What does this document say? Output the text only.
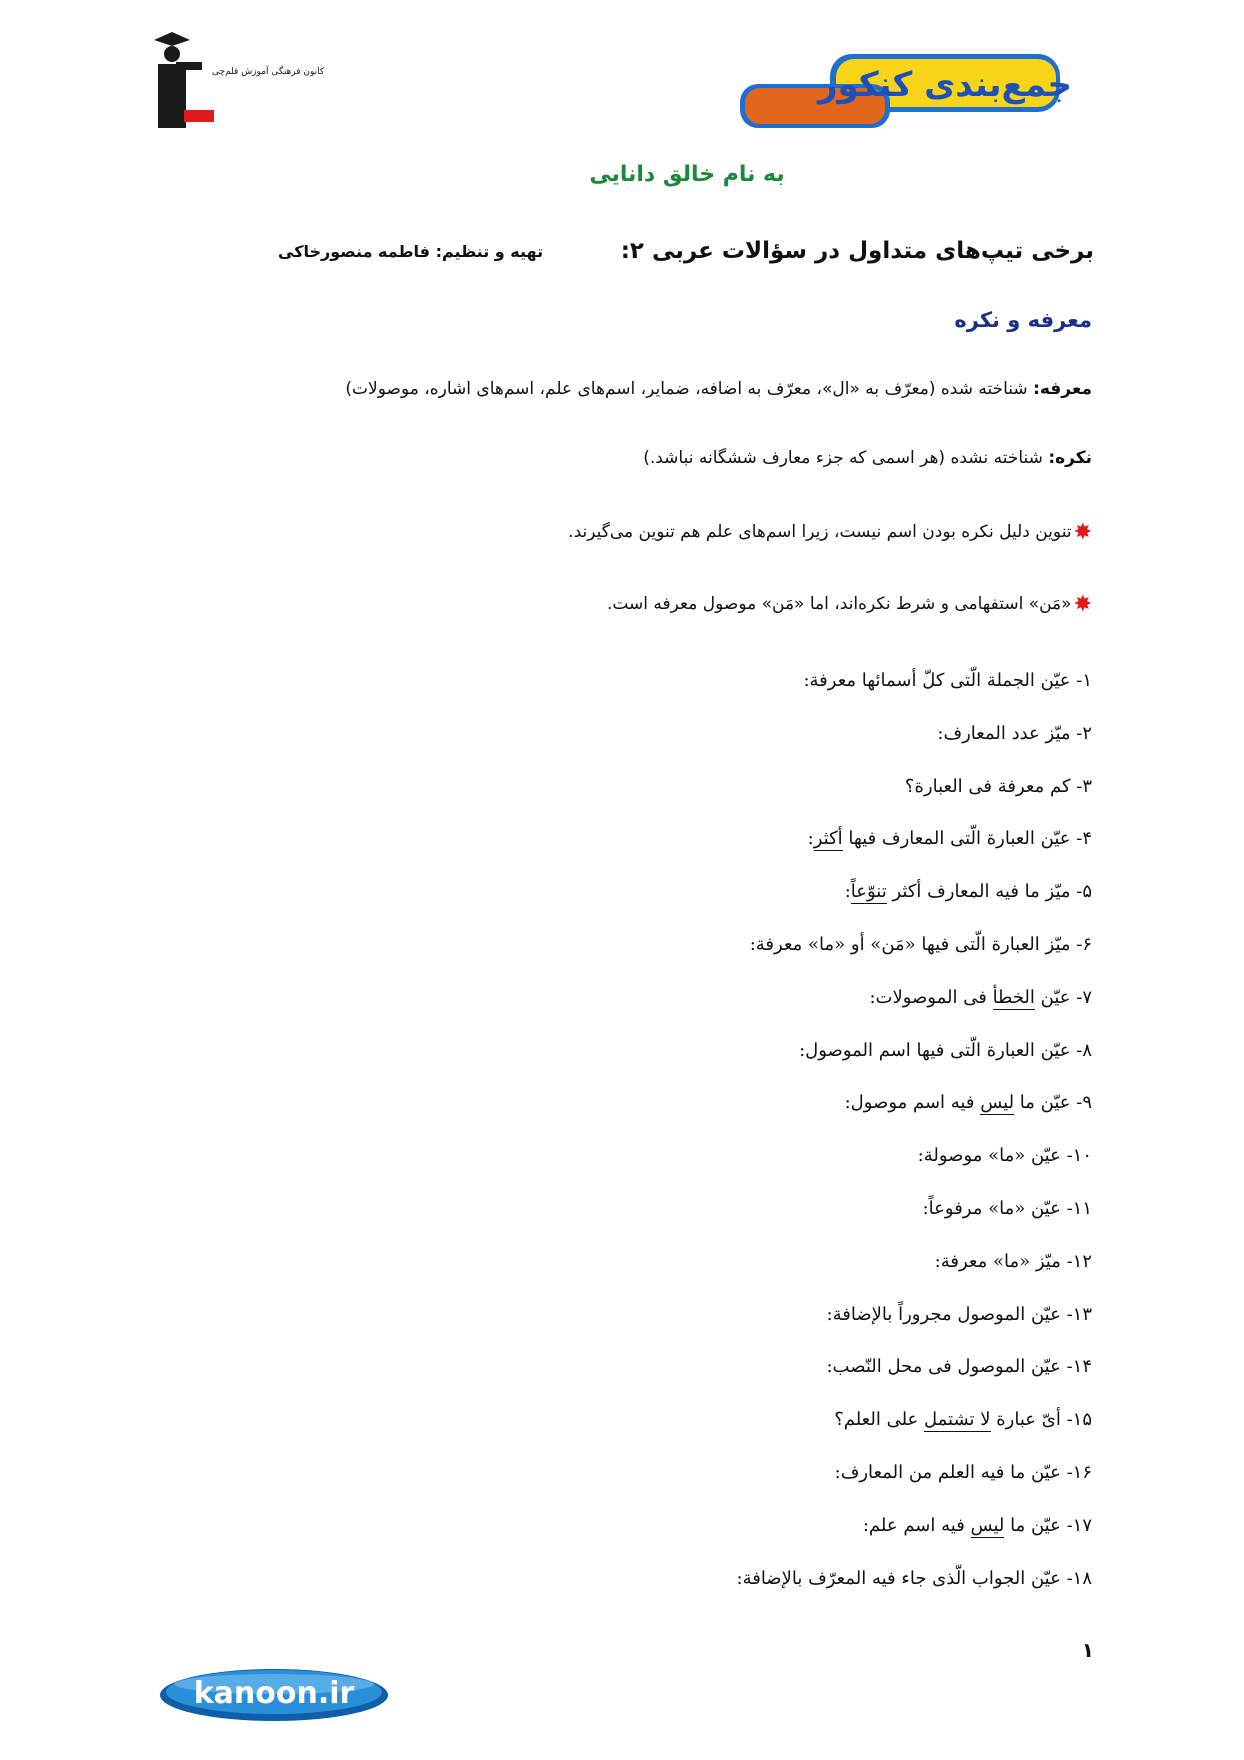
جمع‌بندی کنکور
کانون فرهنگی آموزش قلم‌چی
به نام خالق دانایی
برخی تیپ‌های متداول در سؤالات عربی ۲:
تهیه و تنظیم: فاطمه منصورخاکی
معرفه و نکره
معرفه: شناخته شده (معرّف به «ال»، معرّف به اضافه، ضمایر، اسم‌های علم، اسم‌های اشاره، موصولات)
نکره: شناخته نشده (هر اسمی که جزء معارف ششگانه نباشد.)
✸تنوین دلیل نکره بودن اسم نیست، زیرا اسم‌های علم هم تنوین می‌گیرند.
✸«مَن» استفهامی و شرط نکره‌اند، اما «مَن» موصول معرفه است.
۱- عیّن الجملة الّتی کلّ أسمائها معرفة:
۲- میّز عدد المعارف:
۳- کم معرفة فی العبارة؟
۴- عیّن العبارة الّتی المعارف فیها أکثر:
۵- میّز ما فیه المعارف أکثر تنوّعاً:
۶- میّز العبارة الّتی فیها «مَن» أو «ما» معرفة:
۷- عیّن الخطأ فی الموصولات:
۸- عیّن العبارة الّتی فیها اسم الموصول:
۹- عیّن ما لیس فیه اسم موصول:
۱۰- عیّن «ما» موصولة:
۱۱- عیّن «ما» مرفوعاً:
۱۲- میّز «ما» معرفة:
۱۳- عیّن الموصول مجروراً بالإضافة:
۱۴- عیّن الموصول فی محل النّصب:
۱۵- أیّ عبارة لا تشتمل علی العلم؟
۱۶- عیّن ما فیه العلم من المعارف:
۱۷- عیّن ما لیس فیه اسم علم:
۱۸- عیّن الجواب الّذی جاء فیه المعرّف بالإضافة:
۱
kanoon.ir
